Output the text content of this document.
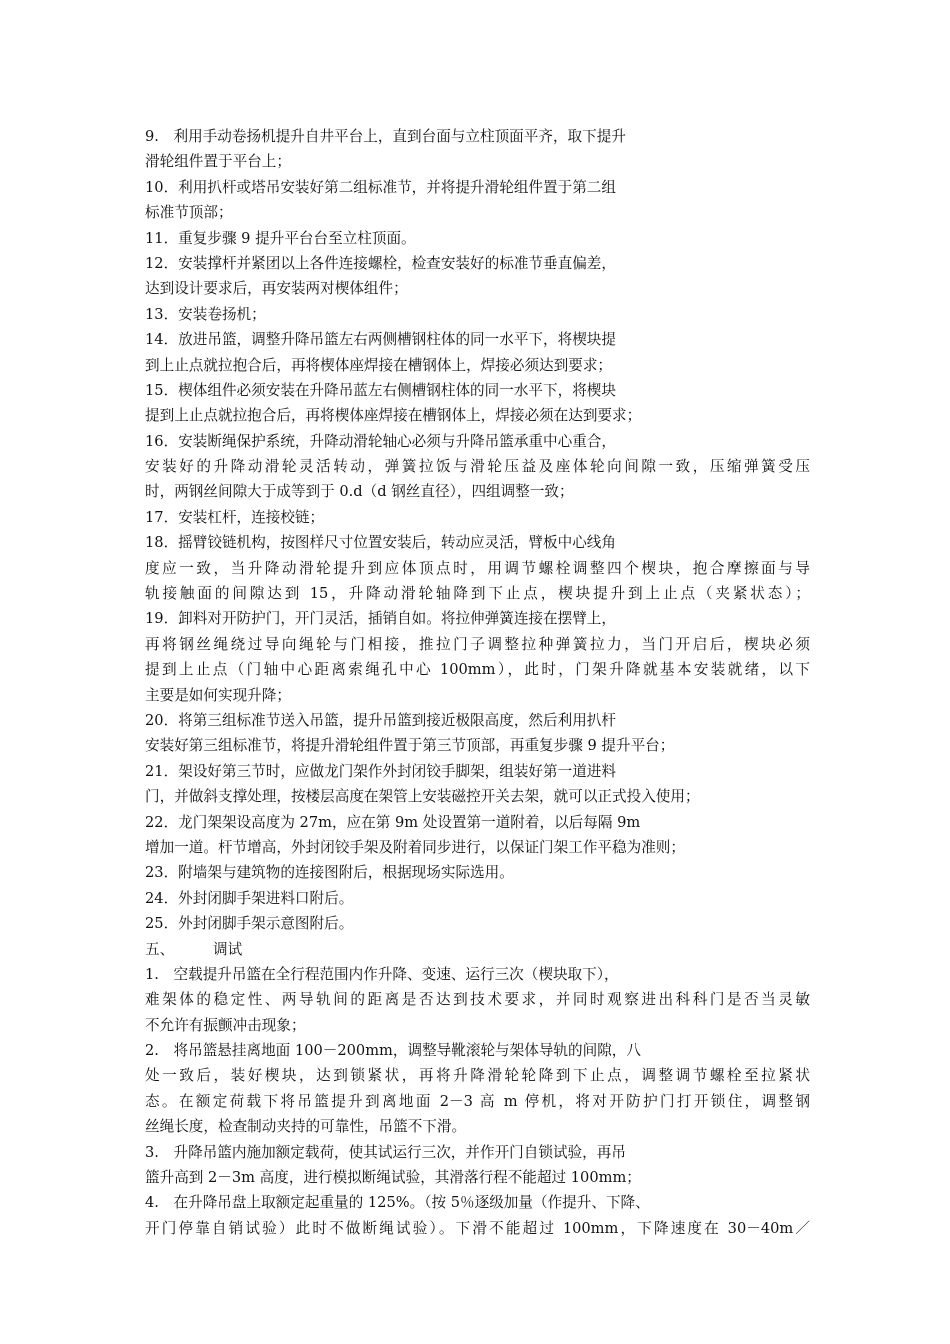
9.　利用手动卷扬机提升自井平台上，直到台面与立柱顶面平齐，取下提升
滑轮组件置于平台上；
10．利用扒杆或塔吊安装好第二组标准节，并将提升滑轮组件置于第二组
标准节顶部；
11．重复步骤 9 提升平台台至立柱顶面。
12．安装撑杆并紧团以上各件连接螺栓，检查安装好的标准节垂直偏差，
达到设计要求后，再安装两对楔体组件；
13．安装卷扬机；
14．放进吊篮，调整升降吊篮左右两侧槽钢柱体的同一水平下，将楔块提
到上止点就拉抱合后，再将楔体座焊接在槽钢体上，焊接必须达到要求；
15．楔体组件必须安装在升降吊蓝左右侧槽钢柱体的同一水平下，将楔块
提到上止点就拉抱合后，再将楔体座焊接在槽钢体上，焊接必须在达到要求；
16．安装断绳保护系统，升降动滑轮轴心必须与升降吊篮承重中心重合，
安装好的升降动滑轮灵活转动，弹簧拉饭与滑轮压益及座体轮向间隙一致，压缩弹簧受压
时，两钢丝间隙大于成等到于 0.d（d 钢丝直径），四组调整一致；
17．安装杠杆，连接校链；
18．摇臂铰链机构，按图样尺寸位置安装后，转动应灵活，臂板中心线角
度应一致，当升降动滑轮提升到应体顶点时，用调节螺栓调整四个楔块，抱合摩擦面与导
轨接触面的间隙达到 15，升降动滑轮轴降到下止点，楔块提升到上止点（夹紧状态）；
19．卸料对开防护门，开门灵活，插销自如。将拉伸弹簧连接在摆臂上，
再将钢丝绳绕过导向绳轮与门相接，推拉门子调整拉种弹簧拉力，当门开启后，楔块必须
提到上止点（门轴中心距离索绳孔中心 100mm），此时，门架升降就基本安装就绪，以下
主要是如何实现升降；
20．将第三组标准节送入吊篮，提升吊篮到接近极限高度，然后利用扒杆
安装好第三组标准节，将提升滑轮组件置于第三节顶部，再重复步骤 9 提升平台；
21．架设好第三节时，应做龙门架作外封闭铰手脚架，组装好第一道进料
门，并做斜支撑处理，按楼层高度在架管上安装磁控开关去架，就可以正式投入使用；
22．龙门架架设高度为 27m，应在第 9m 处设置第一道附着，以后每隔 9m
增加一道。杆节增高，外封闭铰手架及附着同步进行，以保证门架工作平稳为准则；
23．附墙架与建筑物的连接图附后，根据现场实际选用。
24．外封闭脚手架进料口附后。
25．外封闭脚手架示意图附后。
五、	调试
1.　空载提升吊篮在全行程范围内作升降、变速、运行三次（楔块取下），
难架体的稳定性、两导轨间的距离是否达到技术要求，并同时观察进出科科门是否当灵敏
不允许有振颤冲击现象；
2.　将吊篮悬挂离地面 100－200mm，调整导靴滚轮与架体导轨的间隙，八
处一致后，装好楔块，达到锁紧状，再将升降滑轮轮降到下止点，调整调节螺栓至拉紧状
态。在额定荷载下将吊篮提升到离地面 2－3 高 m 停机，将对开防护门打开锁住，调整钢
丝绳长度，检查制动夹持的可靠性，吊篮不下滑。
3.　升降吊篮内施加额定载荷，使其试运行三次，并作开门自锁试验，再吊
篮升高到 2－3m 高度，进行模拟断绳试验，其滑落行程不能超过 100mm；
4.　在升降吊盘上取额定起重量的 125%。（按 5％逐级加量（作提升、下降、
开门停靠自销试验）此时不做断绳试验）。下滑不能超过 100mm，下降速度在 30－40m／
